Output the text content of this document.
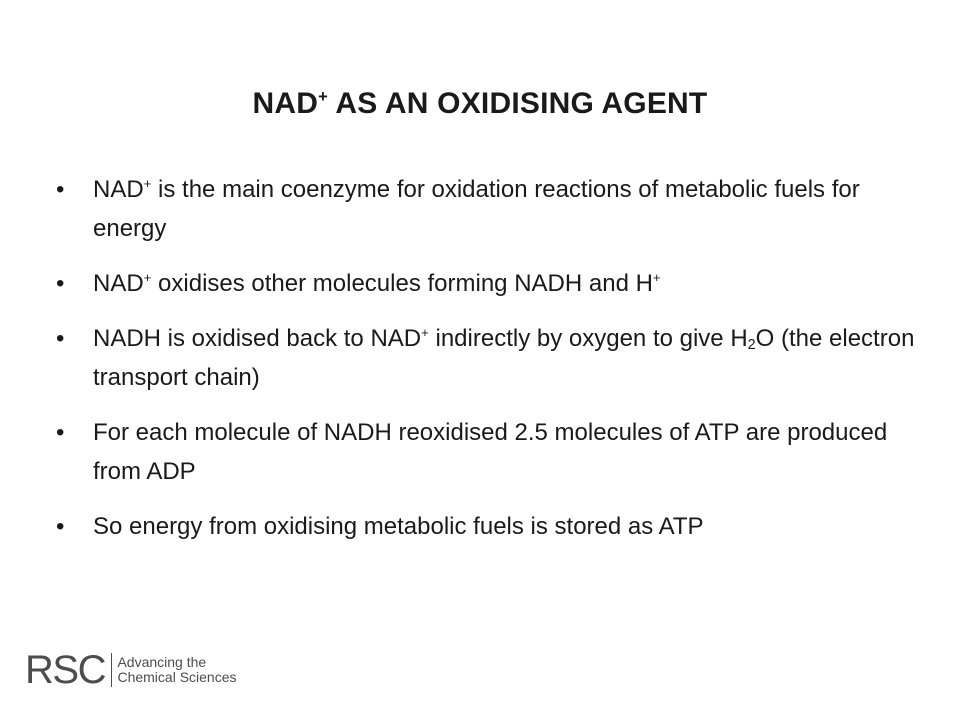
NAD+ AS AN OXIDISING AGENT
• NAD+ is the main coenzyme for oxidation reactions of metabolic fuels for energy
• NAD+ oxidises other molecules forming NADH and H+
• NADH is oxidised back to NAD+ indirectly by oxygen to give $H_2O$ (the electron transport chain)
• For each molecule of NADH reoxidised 2.5 molecules of ATP are produced from ADP
• So energy from oxidising metabolic fuels is stored as ATP
RSC Advancing the
Chemical Sciences
